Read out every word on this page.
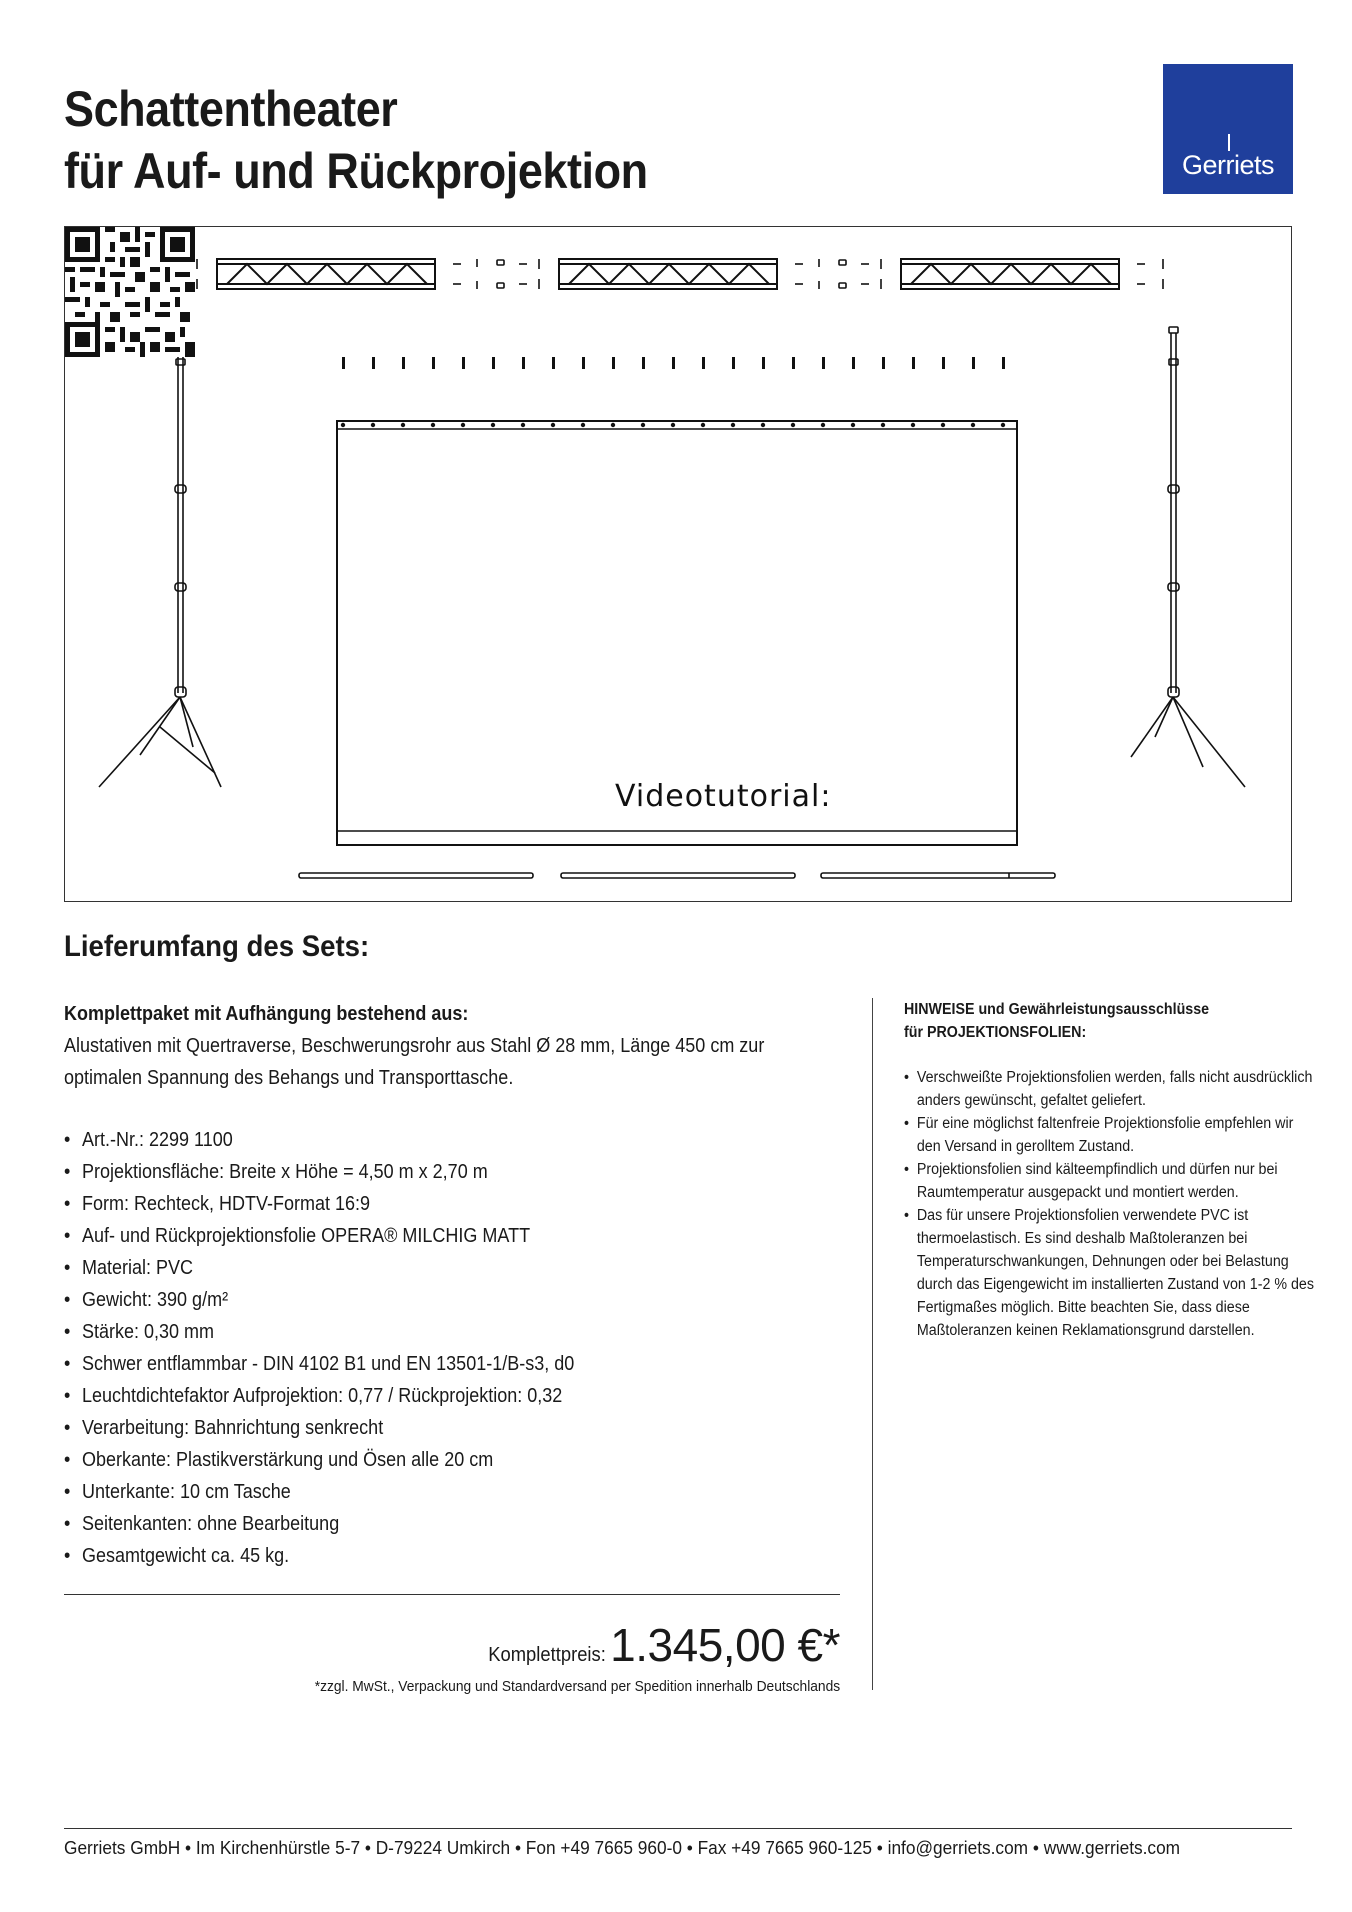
Schattentheater
für Auf- und Rückprojektion	Gerriets
Videotutorial:
Lieferumfang des Sets:
Komplettpaket mit Aufhängung bestehend aus:

Alustativen mit Quertraverse, Beschwerungsrohr aus Stahl Ø 28 mm, Länge 450 cm zur optimalen Spannung des Behangs und Transporttasche.

• Art.-Nr.: 2299 1100
• Projektionsfläche: Breite x Höhe = 4,50 m x 2,70 m
• Form: Rechteck, HDTV-Format 16:9
• Auf- und Rückprojektionsfolie OPERA® MILCHIG MATT
• Material: PVC
• Gewicht: 390 g/m²
• Stärke: 0,30 mm
• Schwer entflammbar - DIN 4102 B1 und EN 13501-1/B-s3, d0
• Leuchtdichtefaktor Aufprojektion: 0,77 / Rückprojektion: 0,32
• Verarbeitung: Bahnrichtung senkrecht
• Oberkante: Plastikverstärkung und Ösen alle 20 cm
• Unterkante: 10 cm Tasche
• Seitenkanten: ohne Bearbeitung
• Gesamtgewicht ca. 45 kg.
Komplettpreis:1.345,00 €*
*zzgl. MwSt., Verpackung und Standardversand per Spedition innerhalb Deutschlands
HINWEISE und Gewährleistungsausschlüsse
für PROJEKTIONSFOLIEN:
• Verschweißte Projektionsfolien werden, falls nicht ausdrücklich anders gewünscht, gefaltet geliefert.
• Für eine möglichst faltenfreie Projektionsfolie empfehlen wir den Versand in gerolltem Zustand.
• Projektionsfolien sind kälteempfindlich und dürfen nur bei Raumtemperatur ausgepackt und montiert werden.
• Das für unsere Projektionsfolien verwendete PVC ist thermoelastisch. Es sind deshalb Maßtoleranzen bei Temperaturschwankungen, Dehnungen oder bei Belastung durch das Eigengewicht im installierten Zustand von 1-2 % des Fertigmaßes möglich. Bitte beachten Sie, dass diese Maßtoleranzen keinen Reklamationsgrund darstellen.
Gerriets GmbH • Im Kirchenhürstle 5-7 • D-79224 Umkirch • Fon +49 7665 960-0 • Fax +49 7665 960-125 • info@gerriets.com • www.gerriets.com
